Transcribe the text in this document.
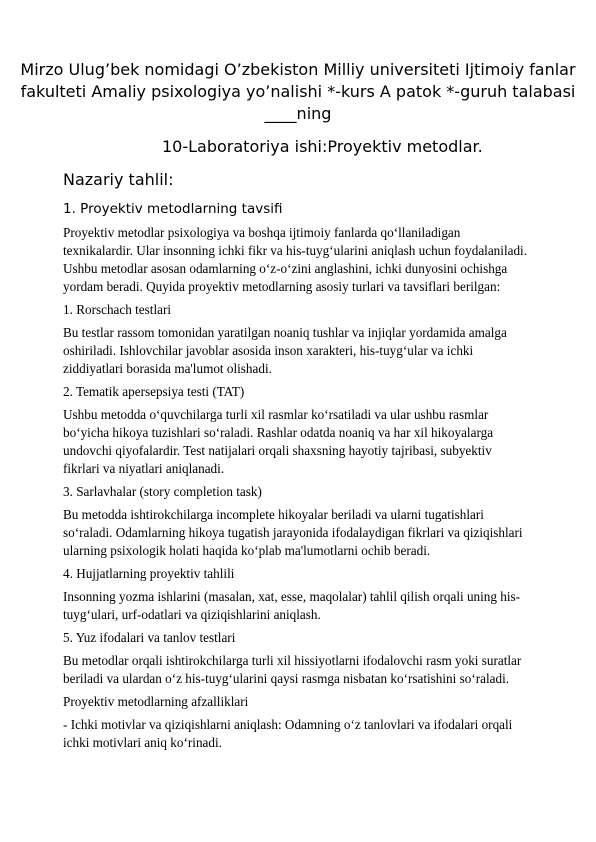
Mirzo Ulug’bek nomidagi O’zbekiston Milliy universiteti Ijtimoiy fanlar
fakulteti Amaliy psixologiya yo’nalishi *-kurs A patok *-guruh talabasi
____ning
10-Laboratoriya ishi:Proyektiv metodlar.
Nazariy tahlil:
1. Proyektiv metodlarning tavsifi
Proyektiv metodlar psixologiya va boshqa ijtimoiy fanlarda qo‘llaniladigan
texnikalardir. Ular insonning ichki fikr va his-tuyg‘ularini aniqlash uchun foydalaniladi.
Ushbu metodlar asosan odamlarning o‘z-o‘zini anglashini, ichki dunyosini ochishga
yordam beradi. Quyida proyektiv metodlarning asosiy turlari va tavsiflari berilgan:
1. Rorschach testlari
Bu testlar rassom tomonidan yaratilgan noaniq tushlar va injiqlar yordamida amalga
oshiriladi. Ishlovchilar javoblar asosida inson xarakteri, his-tuyg‘ular va ichki
ziddiyatlari borasida ma'lumot olishadi.
2. Tematik apersepsiya testi (TAT)
Ushbu metodda o‘quvchilarga turli xil rasmlar ko‘rsatiladi va ular ushbu rasmlar
bo‘yicha hikoya tuzishlari so‘raladi. Rashlar odatda noaniq va har xil hikoyalarga
undovchi qiyofalardir. Test natijalari orqali shaxsning hayotiy tajribasi, subyektiv
fikrlari va niyatlari aniqlanadi.
3. Sarlavhalar (story completion task)
Bu metodda ishtirokchilarga incomplete hikoyalar beriladi va ularni tugatishlari
so‘raladi. Odamlarning hikoya tugatish jarayonida ifodalaydigan fikrlari va qiziqishlari
ularning psixologik holati haqida ko‘plab ma'lumotlarni ochib beradi.
4. Hujjatlarning proyektiv tahlili
Insonning yozma ishlarini (masalan, xat, esse, maqolalar) tahlil qilish orqali uning his-
tuyg‘ulari, urf-odatlari va qiziqishlarini aniqlash.
5. Yuz ifodalari va tanlov testlari
Bu metodlar orqali ishtirokchilarga turli xil hissiyotlarni ifodalovchi rasm yoki suratlar
beriladi va ulardan o‘z his-tuyg‘ularini qaysi rasmga nisbatan ko‘rsatishini so‘raladi.
Proyektiv metodlarning afzalliklari
- Ichki motivlar va qiziqishlarni aniqlash: Odamning o‘z tanlovlari va ifodalari orqali
ichki motivlari aniq ko‘rinadi.
